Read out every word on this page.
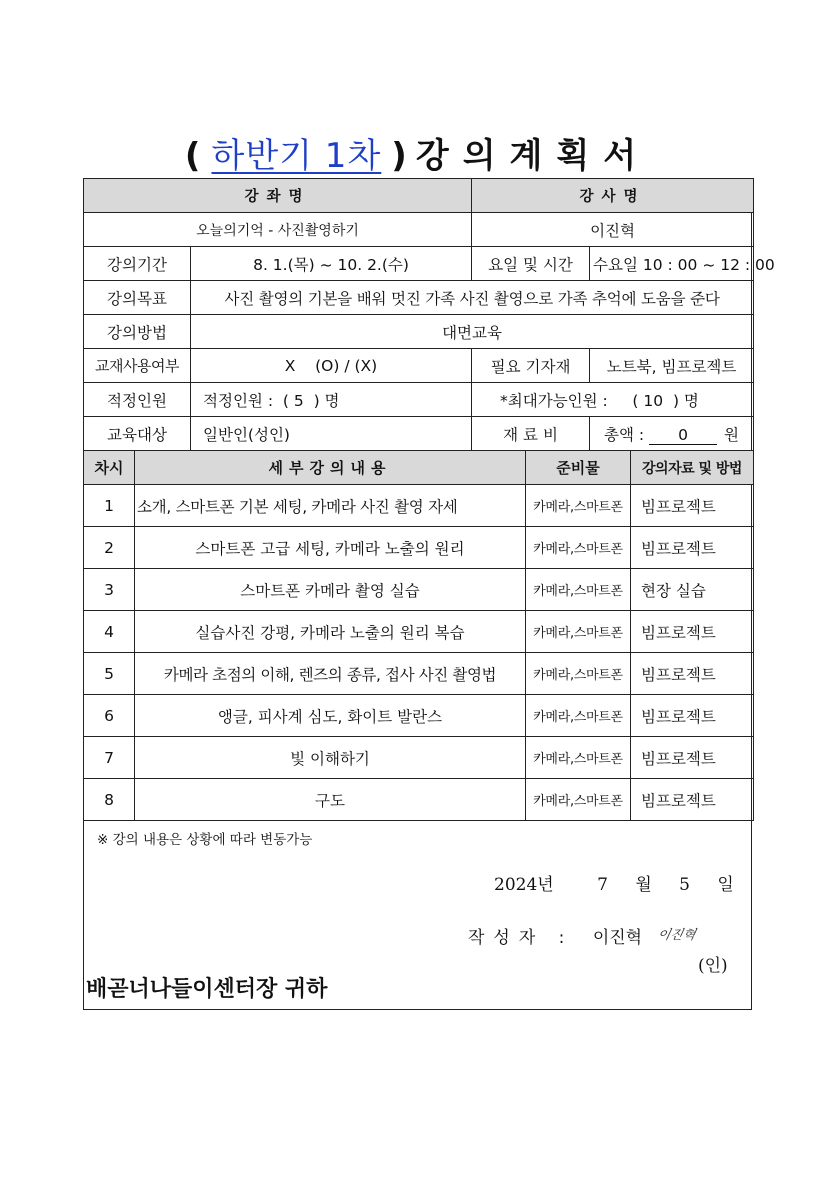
( 하반기 1차 ) 강의계획서
강좌명		강사명	
오늘의기억 - 사진촬영하기		이진혁	
강의기간	8. 1.(목) ~ 10. 2.(수)	요일 및 시간	수요일 10 : 00 ~ 12 : 00
강의목표	사진 촬영의 기본을 배워 멋진 가족 사진 촬영으로 가족 추억에 도움을 준다		
강의방법	대면교육		
교재사용여부	X    (O) / (X)	필요 기자재	노트북, 빔프로젝트
적정인원	적정인원 :  ( 5  ) 명	*최대가능인원 :     ( 10  ) 명	
교육대상	일반인(성인)	재 료 비	총액 : 0 원
차시	세부강의내용	준비물	강의자료 및 방법
1	소개, 스마트폰 기본 세팅, 카메라 사진 촬영 자세	카메라,스마트폰	빔프로젝트
2	스마트폰 고급 세팅, 카메라 노출의 원리	카메라,스마트폰	빔프로젝트
3	스마트폰 카메라 촬영 실습	카메라,스마트폰	현장 실습
4	실습사진 강평, 카메라 노출의 원리 복습	카메라,스마트폰	빔프로젝트
5	카메라 초점의 이해, 렌즈의 종류, 접사 사진 촬영법	카메라,스마트폰	빔프로젝트
6	앵글, 피사계 심도, 화이트 발란스	카메라,스마트폰	빔프로젝트
7	빛 이해하기	카메라,스마트폰	빔프로젝트
8	구도	카메라,스마트폰	빔프로젝트
※ 강의 내용은 상황에 따라 변동가능
2024년	7 월 5 일
작성자 : 이진혁 이진혁
(인)
배곧너나들이센터장 귀하
